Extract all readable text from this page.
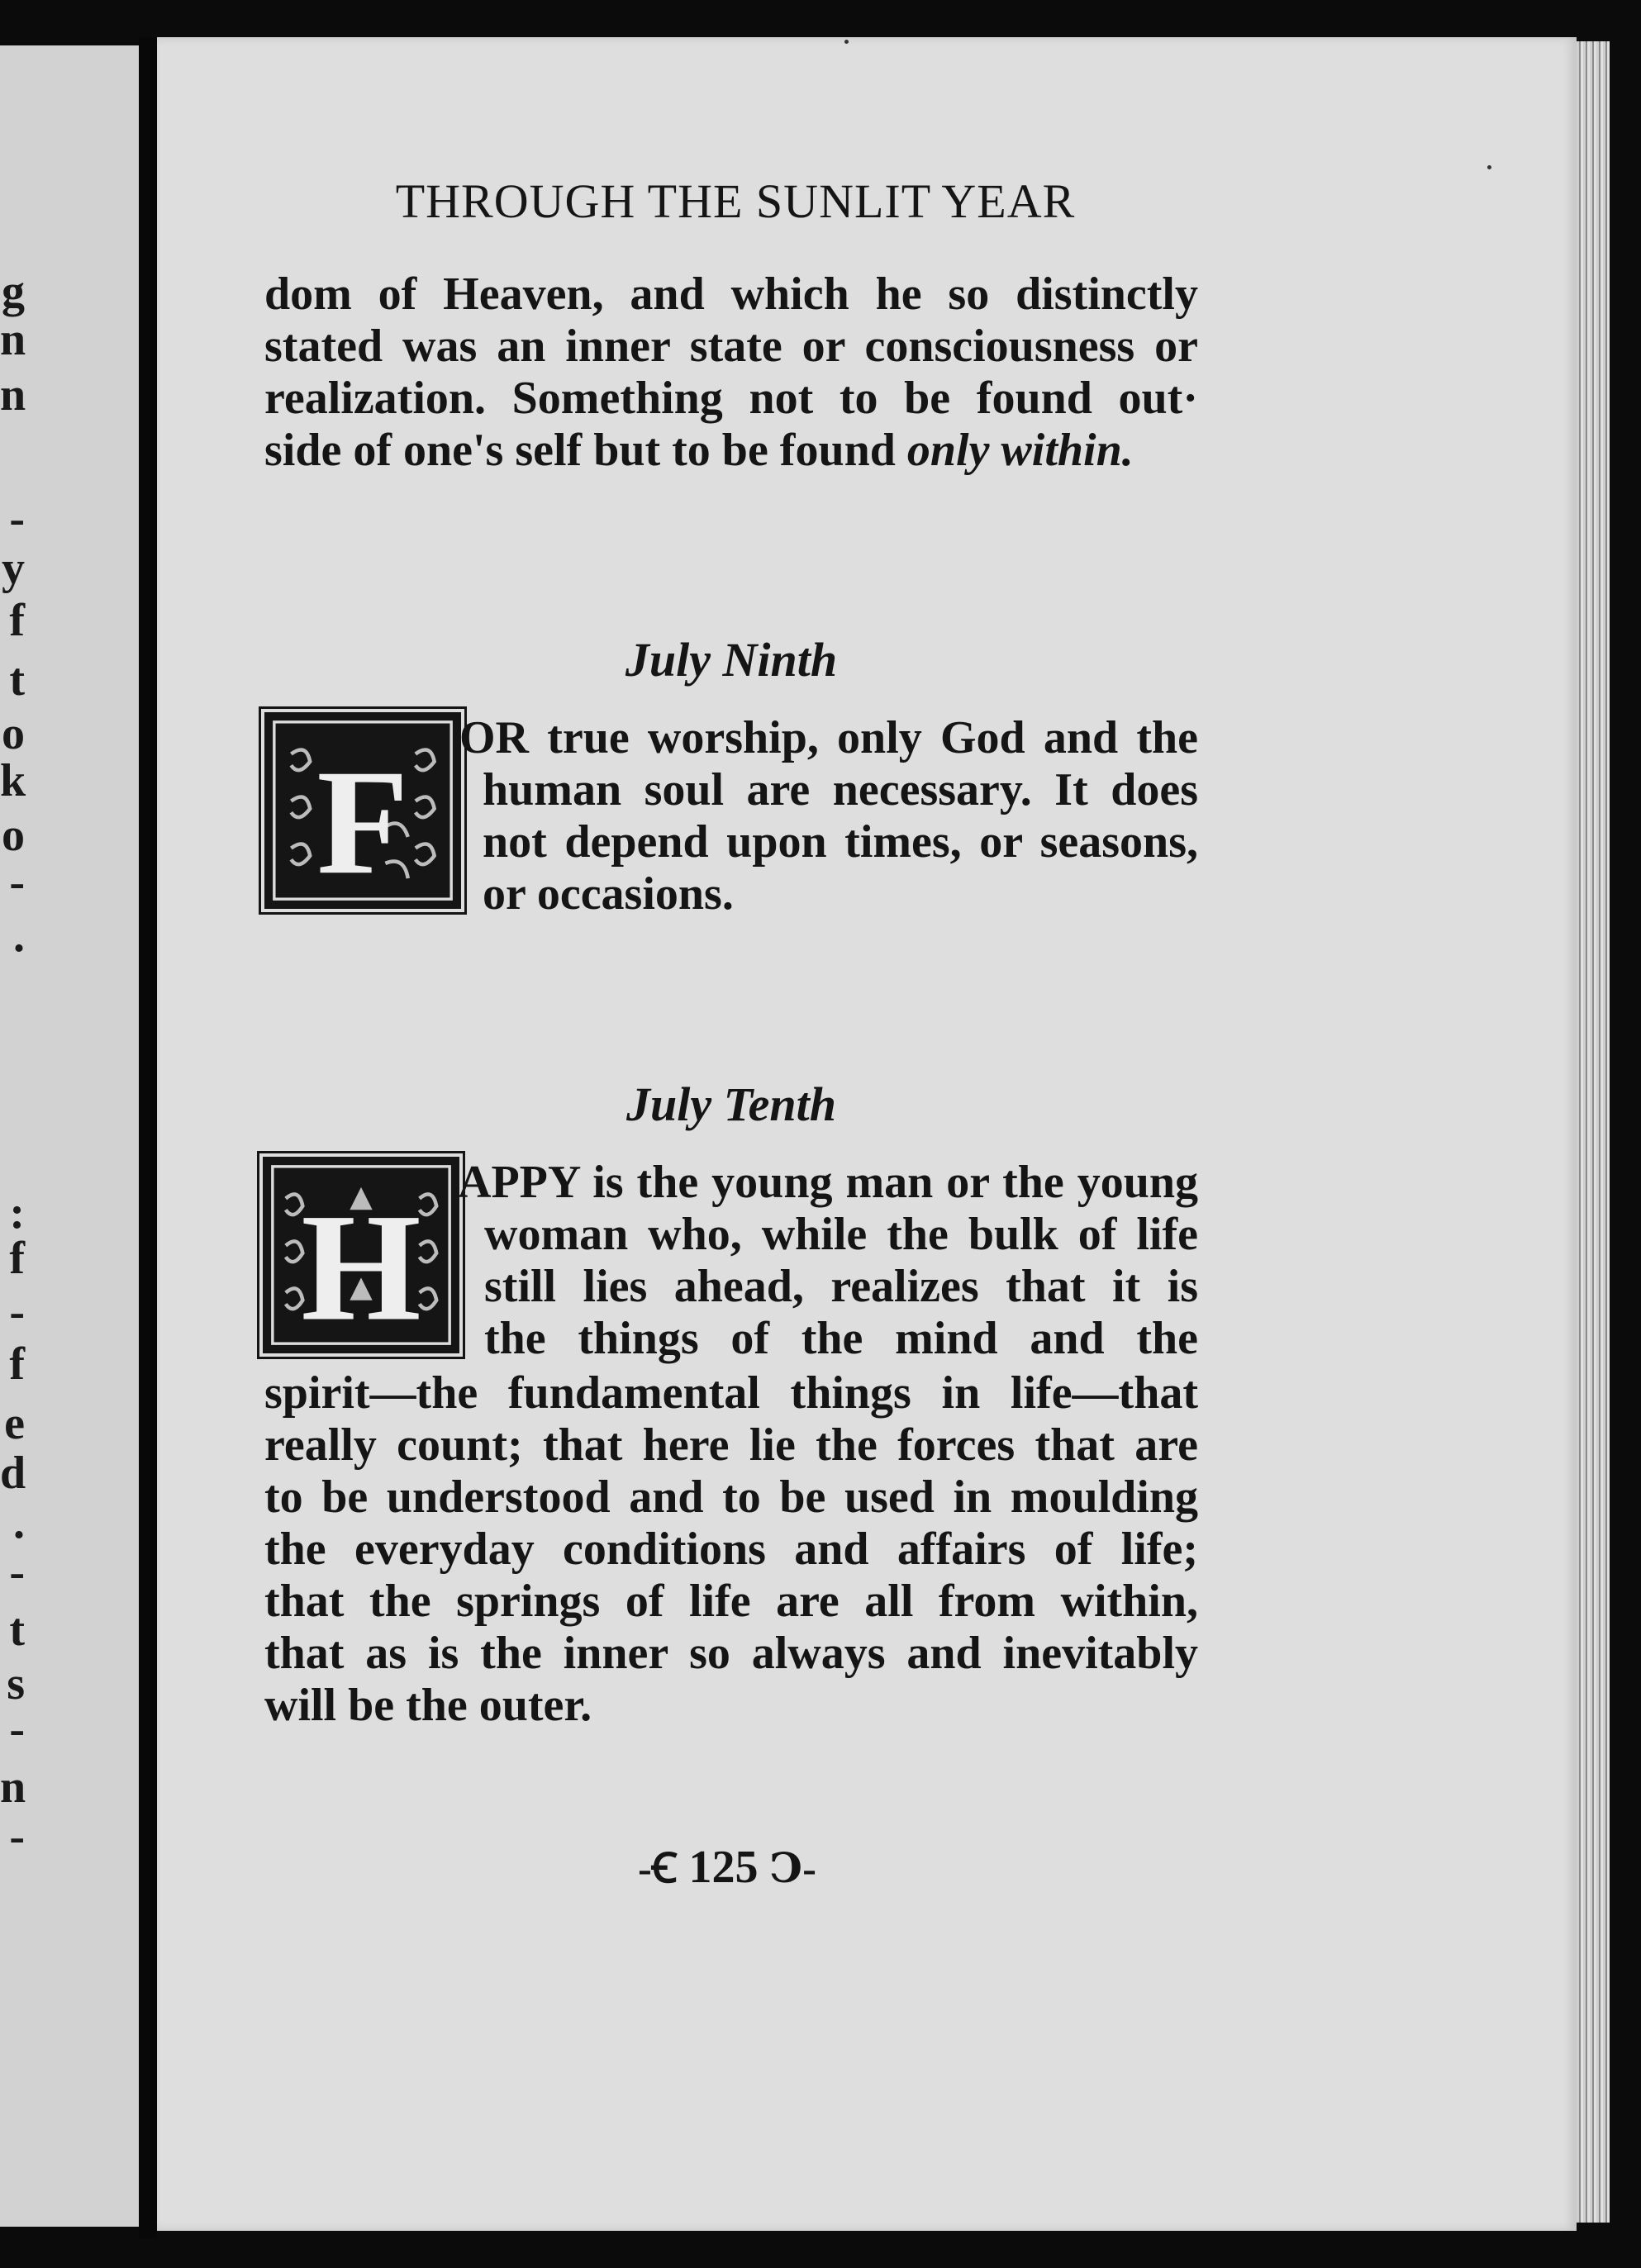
g
n
n
-
y
f
t
o
k
o
-
.
:
f
-
f
e
d
.
-
t
s
-
n
-
THROUGH THE SUNLIT YEAR

dom of Heaven, and which he so distinctly
stated was an inner state or consciousness or
realization. Something not to be found out·
side of one's self but to be found only within.

July Ninth
F
OR true worship, only God and the
human soul are necessary. It does
not depend upon times, or seasons,
or occasions.
July Tenth
H APPY is the young man or the young
woman who, while the bulk of life
still lies ahead, realizes that it is
the things of the mind and the

spirit—the fundamental things in life—that
really count; that here lie the forces that are
to be understood and to be used in moulding
the everyday conditions and affairs of life;
that the springs of life are all from within,
that as is the inner so always and inevitably
will be the outer.

-Ꞓ 125 Ↄ-
